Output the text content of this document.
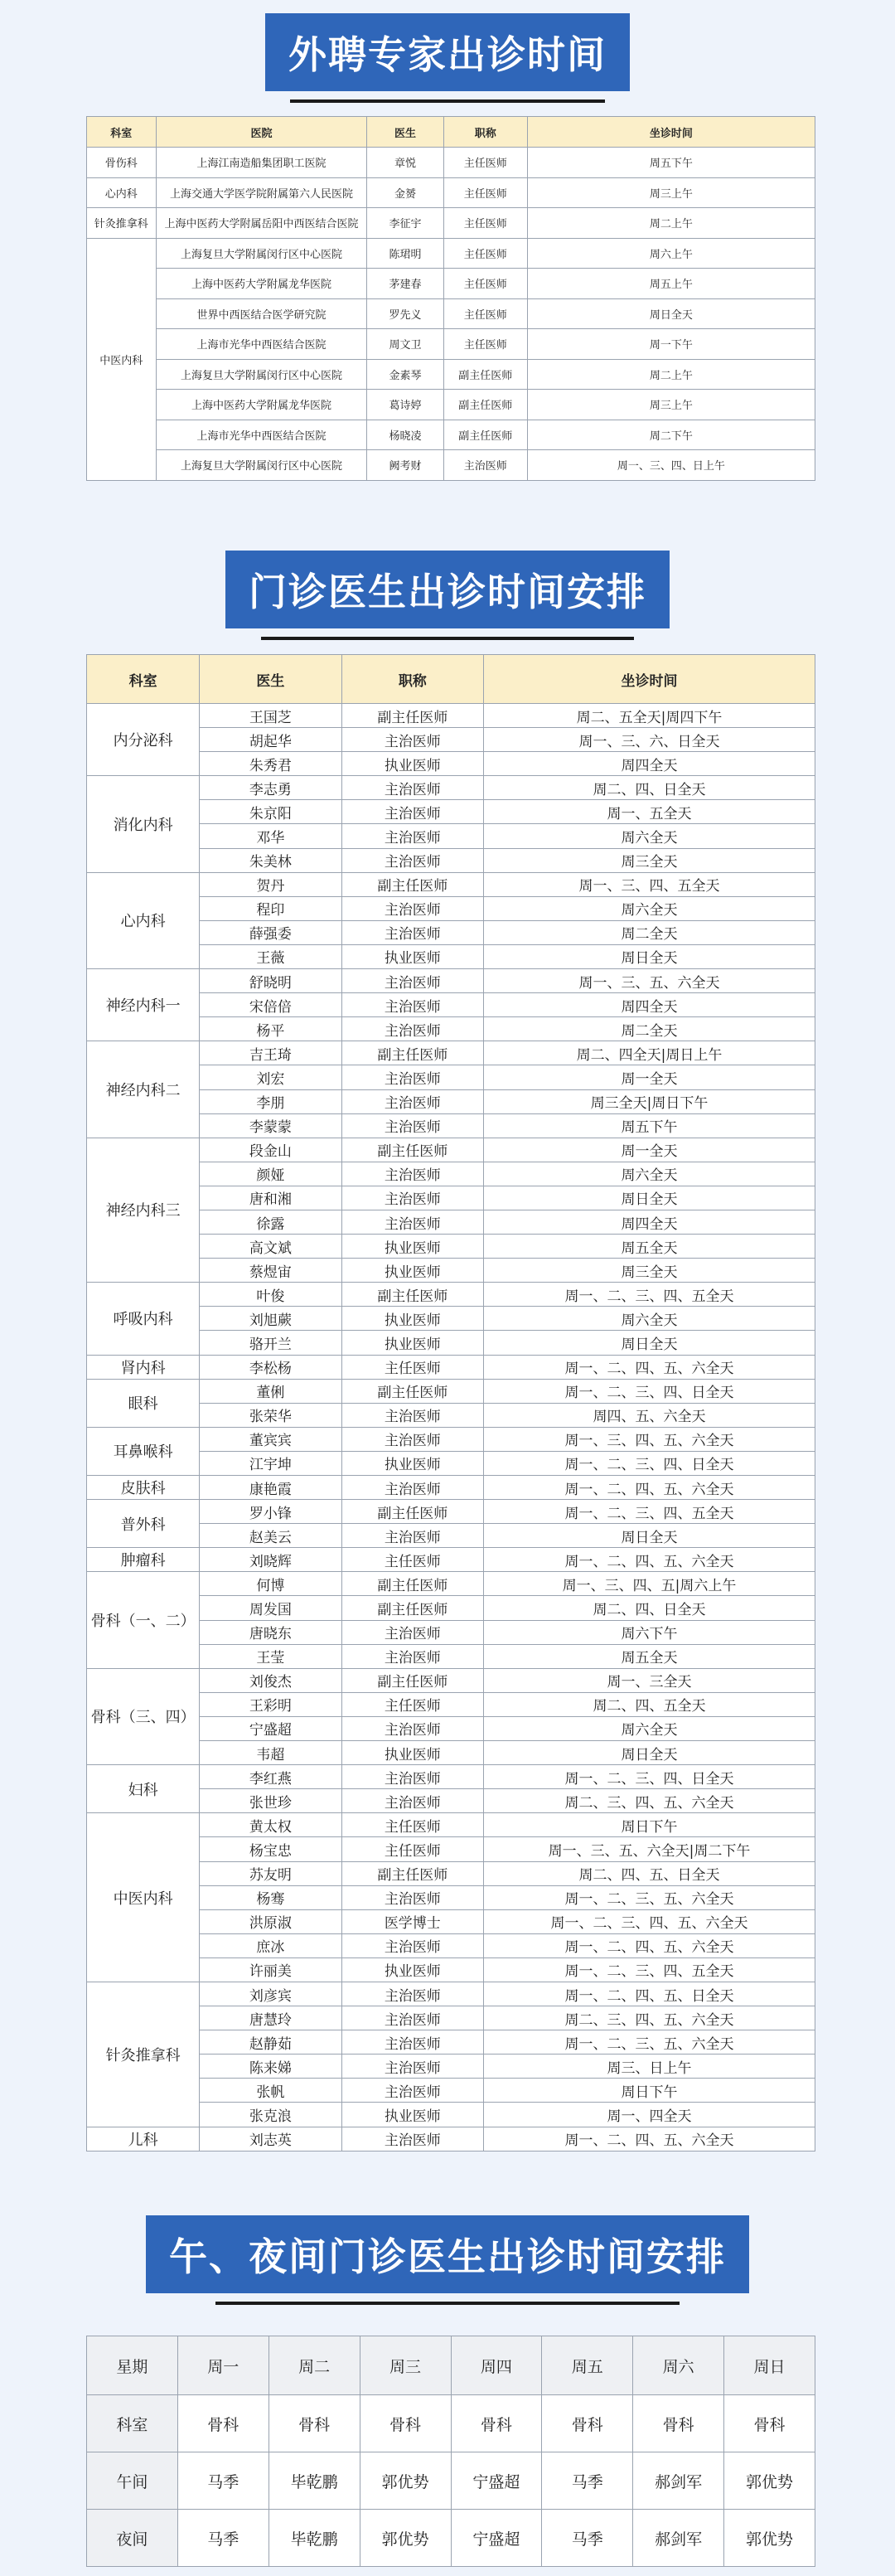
外聘专家出诊时间
科室	医院	医生	职称	坐诊时间
骨伤科	上海江南造船集团职工医院	章悦	主任医师	周五下午
心内科	上海交通大学医学院附属第六人民医院	金赟	主任医师	周三上午
针灸推拿科	上海中医药大学附属岳阳中西医结合医院	李征宇	主任医师	周二上午
中医内科	上海复旦大学附属闵行区中心医院	陈珺明	主任医师	周六上午
	上海中医药大学附属龙华医院	茅建春	主任医师	周五上午
	世界中西医结合医学研究院	罗先义	主任医师	周日全天
	上海市光华中西医结合医院	周文卫	主任医师	周一下午
	上海复旦大学附属闵行区中心医院	金素琴	副主任医师	周二上午
	上海中医药大学附属龙华医院	葛诗婷	副主任医师	周三上午
	上海市光华中西医结合医院	杨晓凌	副主任医师	周二下午
	上海复旦大学附属闵行区中心医院	阙考财	主治医师	周一、三、四、日上午
门诊医生出诊时间安排
科室	医生	职称	坐诊时间
内分泌科	王国芝	副主任医师	周二、五全天|周四下午
	胡起华	主治医师	周一、三、六、日全天
	朱秀君	执业医师	周四全天
消化内科	李志勇	主治医师	周二、四、日全天
	朱京阳	主治医师	周一、五全天
	邓华	主治医师	周六全天
	朱美林	主治医师	周三全天
心内科	贺丹	副主任医师	周一、三、四、五全天
	程印	主治医师	周六全天
	薛强委	主治医师	周二全天
	王薇	执业医师	周日全天
神经内科一	舒晓明	主治医师	周一、三、五、六全天
	宋倍倍	主治医师	周四全天
	杨平	主治医师	周二全天
神经内科二	吉王琦	副主任医师	周二、四全天|周日上午
	刘宏	主治医师	周一全天
	李朋	主治医师	周三全天|周日下午
	李蒙蒙	主治医师	周五下午
神经内科三	段金山	副主任医师	周一全天
	颜娅	主治医师	周六全天
	唐和湘	主治医师	周日全天
	徐露	主治医师	周四全天
	高文斌	执业医师	周五全天
	蔡煜宙	执业医师	周三全天
呼吸内科	叶俊	副主任医师	周一、二、三、四、五全天
	刘旭蕨	执业医师	周六全天
	骆开兰	执业医师	周日全天
肾内科	李松杨	主任医师	周一、二、四、五、六全天
眼科	董俐	副主任医师	周一、二、三、四、日全天
	张荣华	主治医师	周四、五、六全天
耳鼻喉科	董宾宾	主治医师	周一、三、四、五、六全天
	江宇坤	执业医师	周一、二、三、四、日全天
皮肤科	康艳霞	主治医师	周一、二、四、五、六全天
普外科	罗小锋	副主任医师	周一、二、三、四、五全天
	赵美云	主治医师	周日全天
肿瘤科	刘晓辉	主任医师	周一、二、四、五、六全天
骨科（一、二）	何博	副主任医师	周一、三、四、五|周六上午
	周发国	副主任医师	周二、四、日全天
	唐晓东	主治医师	周六下午
	王莹	主治医师	周五全天
骨科（三、四）	刘俊杰	副主任医师	周一、三全天
	王彩明	主任医师	周二、四、五全天
	宁盛超	主治医师	周六全天
	韦超	执业医师	周日全天
妇科	李红燕	主治医师	周一、二、三、四、日全天
	张世珍	主治医师	周二、三、四、五、六全天
中医内科	黄太权	主任医师	周日下午
	杨宝忠	主任医师	周一、三、五、六全天|周二下午
	苏友明	副主任医师	周二、四、五、日全天
	杨骞	主治医师	周一、二、三、五、六全天
	洪原淑	医学博士	周一、二、三、四、五、六全天
	庶冰	主治医师	周一、二、四、五、六全天
	许丽美	执业医师	周一、二、三、四、五全天
针灸推拿科	刘彦宾	主治医师	周一、二、四、五、日全天
	唐慧玲	主治医师	周二、三、四、五、六全天
	赵静茹	主治医师	周一、二、三、五、六全天
	陈来娣	主治医师	周三、日上午
	张帆	主治医师	周日下午
	张克浪	执业医师	周一、四全天
儿科	刘志英	主治医师	周一、二、四、五、六全天
午、夜间门诊医生出诊时间安排
星期	周一	周二	周三	周四	周五	周六	周日
科室	骨科	骨科	骨科	骨科	骨科	骨科	骨科
午间	马季	毕乾鹏	郭优势	宁盛超	马季	郝剑军	郭优势
夜间	马季	毕乾鹏	郭优势	宁盛超	马季	郝剑军	郭优势
